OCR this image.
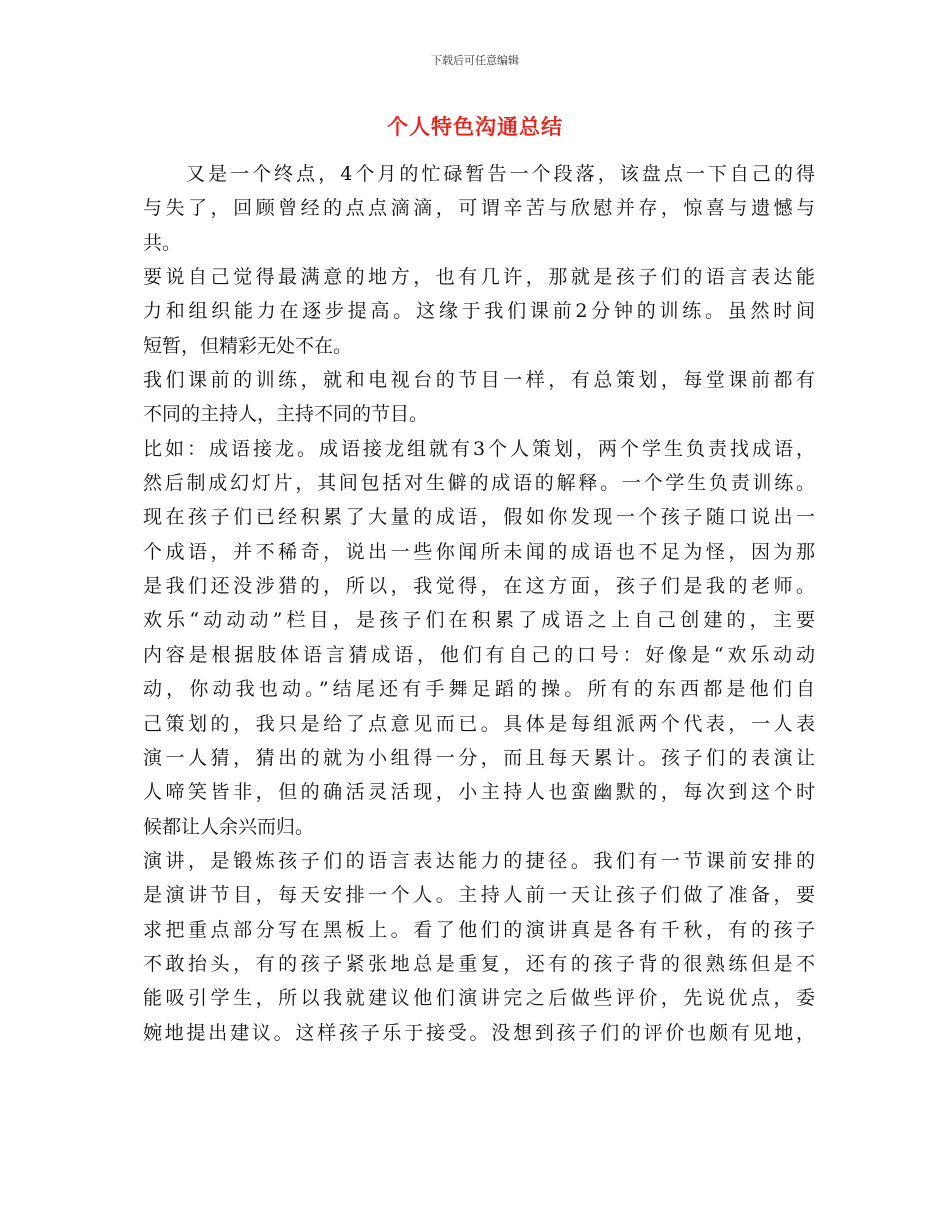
下载后可任意编辑
个人特色沟通总结
又是一个终点，4个月的忙碌暂告一个段落，该盘点一下自己的得
与失了，回顾曾经的点点滴滴，可谓辛苦与欣慰并存，惊喜与遗憾与
共。
要说自己觉得最满意的地方，也有几许，那就是孩子们的语言表达能
力和组织能力在逐步提高。这缘于我们课前2分钟的训练。虽然时间
短暂，但精彩无处不在。
我们课前的训练，就和电视台的节目一样，有总策划，每堂课前都有
不同的主持人，主持不同的节目。
比如：成语接龙。成语接龙组就有3个人策划，两个学生负责找成语，
然后制成幻灯片，其间包括对生僻的成语的解释。一个学生负责训练。
现在孩子们已经积累了大量的成语，假如你发现一个孩子随口说出一
个成语，并不稀奇，说出一些你闻所未闻的成语也不足为怪，因为那
是我们还没涉猎的，所以，我觉得，在这方面，孩子们是我的老师。
欢乐“动动动”栏目，是孩子们在积累了成语之上自己创建的，主要
内容是根据肢体语言猜成语，他们有自己的口号：好像是“欢乐动动
动，你动我也动。”结尾还有手舞足蹈的操。所有的东西都是他们自
己策划的，我只是给了点意见而已。具体是每组派两个代表，一人表
演一人猜，猜出的就为小组得一分，而且每天累计。孩子们的表演让
人啼笑皆非，但的确活灵活现，小主持人也蛮幽默的，每次到这个时
候都让人余兴而归。
演讲，是锻炼孩子们的语言表达能力的捷径。我们有一节课前安排的
是演讲节目，每天安排一个人。主持人前一天让孩子们做了准备，要
求把重点部分写在黑板上。看了他们的演讲真是各有千秋，有的孩子
不敢抬头，有的孩子紧张地总是重复，还有的孩子背的很熟练但是不
能吸引学生，所以我就建议他们演讲完之后做些评价，先说优点，委
婉地提出建议。这样孩子乐于接受。没想到孩子们的评价也颇有见地，
